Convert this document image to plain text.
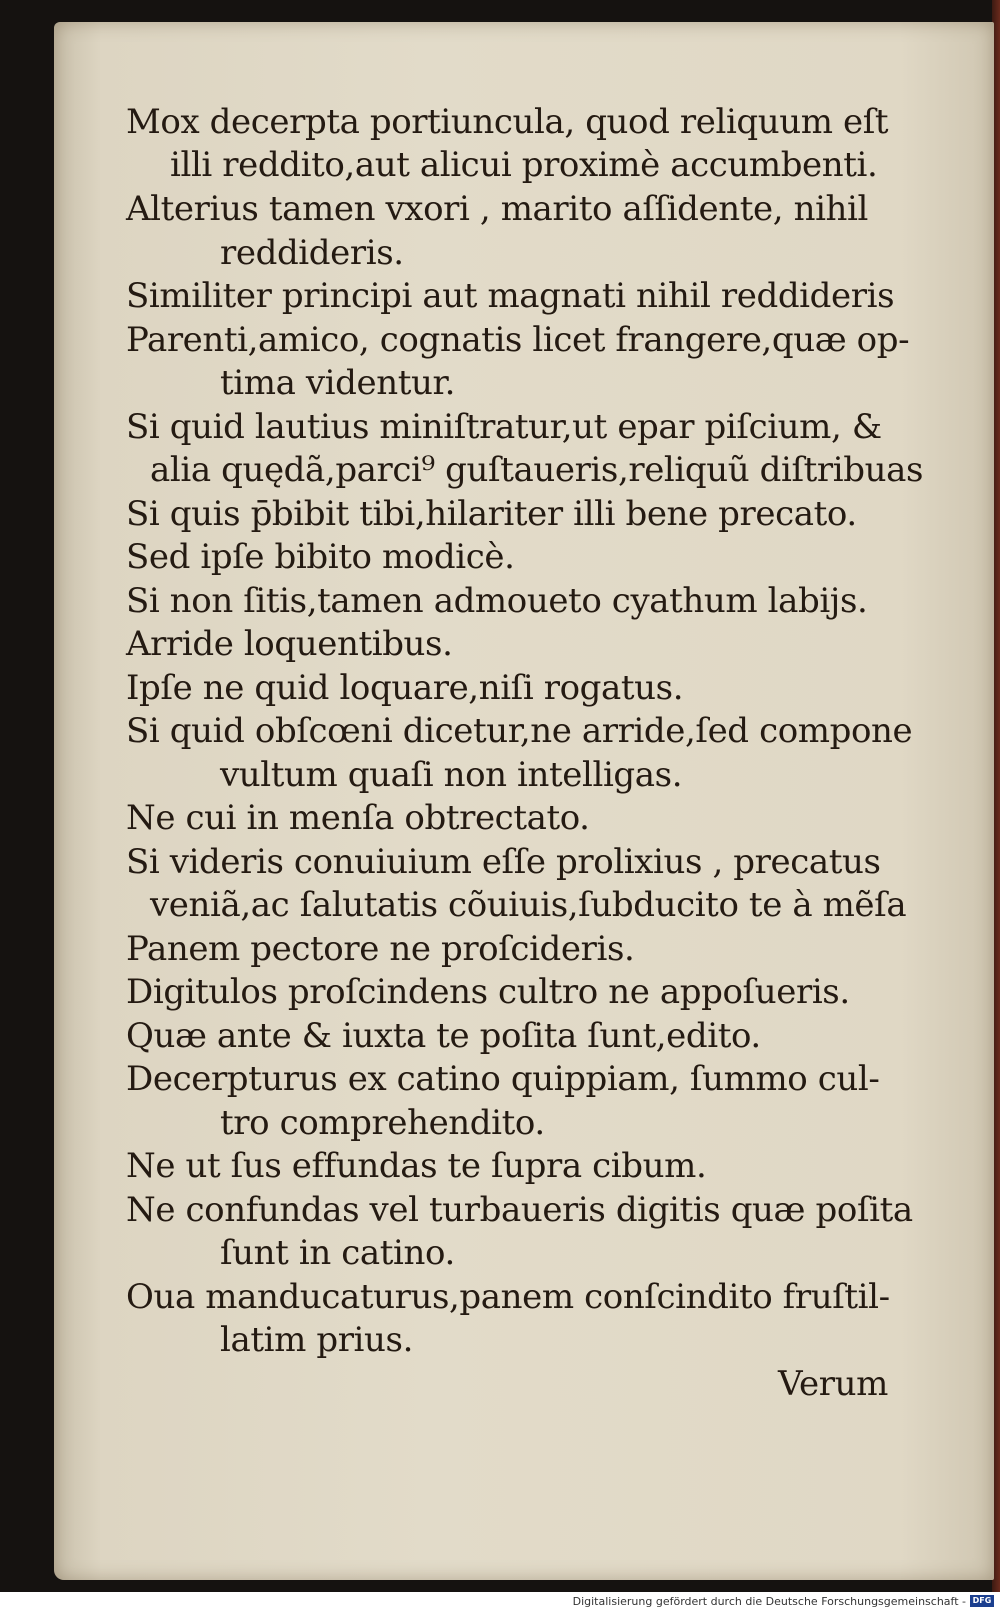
Mox decerpta portiuncula, quod reliquum eſt
illi reddito,aut alicui proximè accumbenti.
Alterius tamen vxori , marito aſſidente, nihil
reddideris.
Similiter principi aut magnati nihil reddideris
Parenti,amico, cognatis licet frangere,quæ op-
tima videntur.
Si quid lautius miniſtratur,ut epar piſcium, &
alia quędã,parci⁹ guſtaueris,reliquũ diſtribuas
Si quis p̄bibit tibi,hilariter illi bene precato.
Sed ipſe bibito modicè.
Si non ſitis,tamen admoueto cyathum labijs.
Arride loquentibus.
Ipſe ne quid loquare,niſi rogatus.
Si quid obſcœni dicetur,ne arride,ſed compone
vultum quaſi non intelligas.
Ne cui in menſa obtrectato.
Si videris conuiuium eſſe prolixius , precatus
veniã,ac ſalutatis cõuiuis,ſubducito te à mẽſa
Panem pectore ne proſcideris.
Digitulos proſcindens cultro ne appoſueris.
Quæ ante & iuxta te poſita ſunt,edito.
Decerpturus ex catino quippiam, ſummo cul-
tro comprehendito.
Ne ut ſus effundas te ſupra cibum.
Ne confundas vel turbaueris digitis quæ poſita
ſunt in catino.
Oua manducaturus,panem conſcindito fruſtil-
latim prius.
Verum
Digitalisierung gefördert durch die Deutsche Forschungsgemeinschaft - DFG
